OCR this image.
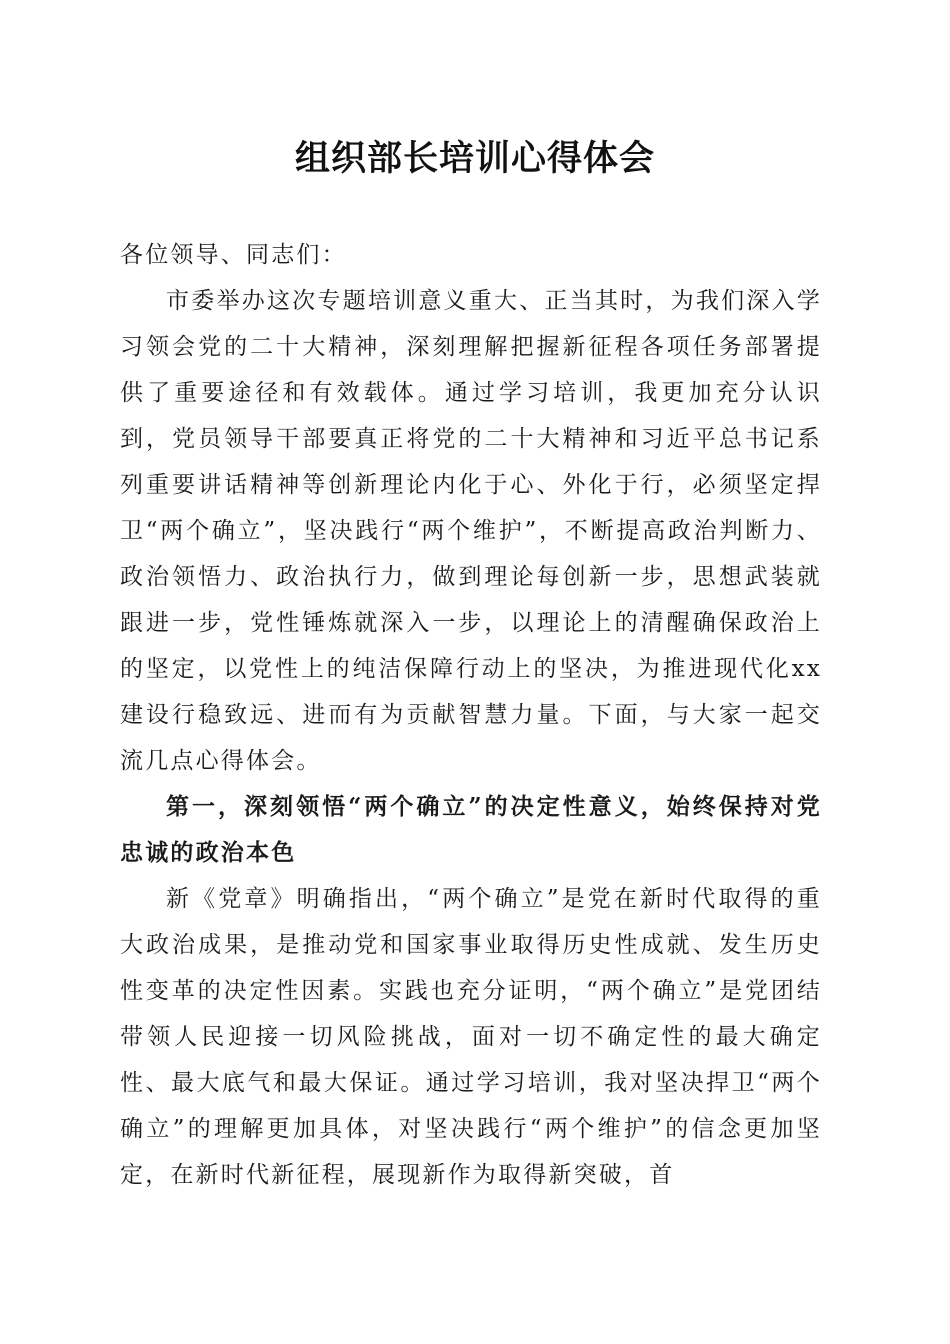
组织部长培训心得体会

各位领导、同志们：

市委举办这次专题培训意义重大、正当其时，为我们深入学习领会党的二十大精神，深刻理解把握新征程各项任务部署提供了重要途径和有效载体。通过学习培训，我更加充分认识到，党员领导干部要真正将党的二十大精神和习近平总书记系列重要讲话精神等创新理论内化于心、外化于行，必须坚定捍卫“两个确立”，坚决践行“两个维护”，不断提高政治判断力、政治领悟力、政治执行力，做到理论每创新一步，思想武装就跟进一步，党性锤炼就深入一步，以理论上的清醒确保政治上的坚定，以党性上的纯洁保障行动上的坚决，为推进现代化xx建设行稳致远、进而有为贡献智慧力量。下面，与大家一起交流几点心得体会。

第一，深刻领悟“两个确立”的决定性意义，始终保持对党忠诚的政治本色

新《党章》明确指出，“两个确立”是党在新时代取得的重大政治成果，是推动党和国家事业取得历史性成就、发生历史性变革的决定性因素。实践也充分证明，“两个确立”是党团结带领人民迎接一切风险挑战，面对一切不确定性的最大确定性、最大底气和最大保证。通过学习培训，我对坚决捍卫“两个确立”的理解更加具体，对坚决践行“两个维护”的信念更加坚定，在新时代新征程，展现新作为取得新突破，首
